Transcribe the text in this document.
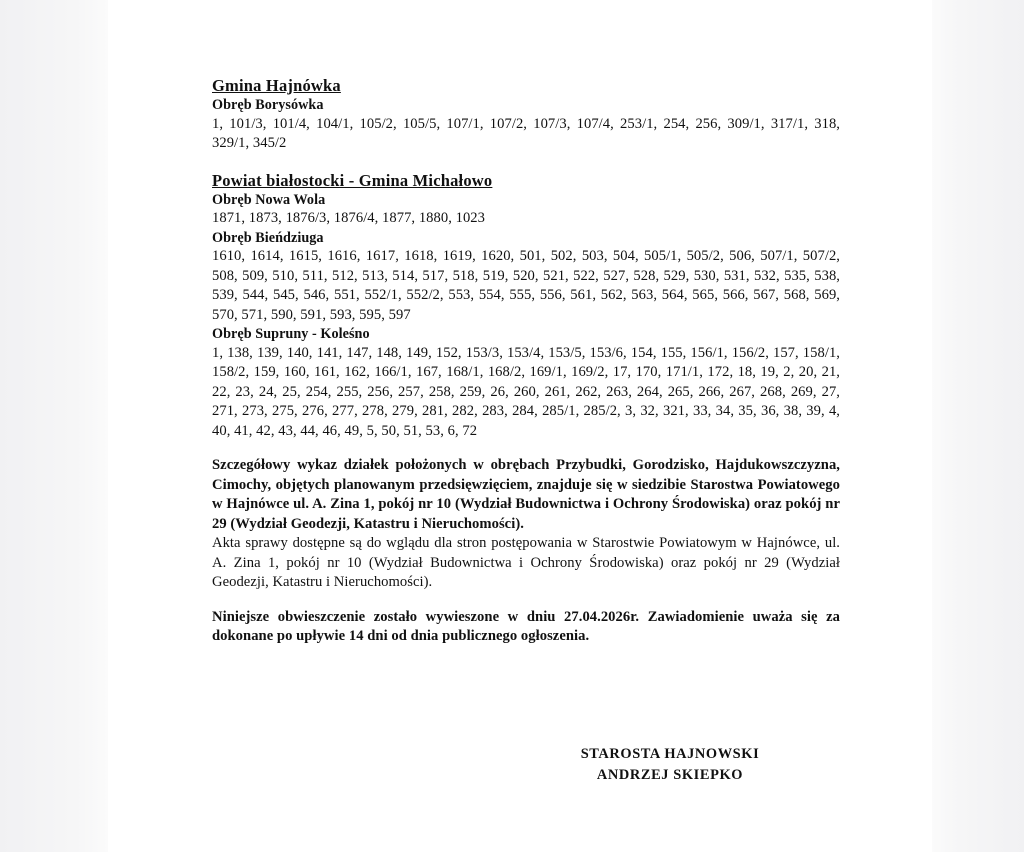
Gmina Hajnówka
Obręb Borysówka
1, 101/3, 101/4, 104/1, 105/2, 105/5, 107/1, 107/2, 107/3, 107/4, 253/1, 254, 256, 309/1, 317/1, 318, 329/1, 345/2
Powiat białostocki - Gmina Michałowo
Obręb Nowa Wola
1871, 1873, 1876/3, 1876/4, 1877, 1880, 1023
Obręb Bieńdziuga
1610, 1614, 1615, 1616, 1617, 1618, 1619, 1620, 501, 502, 503, 504, 505/1, 505/2, 506, 507/1, 507/2, 508, 509, 510, 511, 512, 513, 514, 517, 518, 519, 520, 521, 522, 527, 528, 529, 530, 531, 532, 535, 538, 539, 544, 545, 546, 551, 552/1, 552/2, 553, 554, 555, 556, 561, 562, 563, 564, 565, 566, 567, 568, 569, 570, 571, 590, 591, 593, 595, 597
Obręb Supruny - Koleśno
1, 138, 139, 140, 141, 147, 148, 149, 152, 153/3, 153/4, 153/5, 153/6, 154, 155, 156/1, 156/2, 157, 158/1, 158/2, 159, 160, 161, 162, 166/1, 167, 168/1, 168/2, 169/1, 169/2, 17, 170, 171/1, 172, 18, 19, 2, 20, 21, 22, 23, 24, 25, 254, 255, 256, 257, 258, 259, 26, 260, 261, 262, 263, 264, 265, 266, 267, 268, 269, 27, 271, 273, 275, 276, 277, 278, 279, 281, 282, 283, 284, 285/1, 285/2, 3, 32, 321, 33, 34, 35, 36, 38, 39, 4, 40, 41, 42, 43, 44, 46, 49, 5, 50, 51, 53, 6, 72
Szczegółowy wykaz działek położonych w obrębach Przybudki, Gorodzisko, Hajdukowszczyzna, Cimochy, objętych planowanym przedsięwzięciem, znajduje się w siedzibie Starostwa Powiatowego w Hajnówce ul. A. Zina 1, pokój nr 10 (Wydział Budownictwa i Ochrony Środowiska) oraz pokój nr 29 (Wydział Geodezji, Katastru i Nieruchomości).
Akta sprawy dostępne są do wglądu dla stron postępowania w Starostwie Powiatowym w Hajnówce, ul. A. Zina 1, pokój nr 10 (Wydział Budownictwa i Ochrony Środowiska) oraz pokój nr 29 (Wydział Geodezji, Katastru i Nieruchomości).
Niniejsze obwieszczenie zostało wywieszone w dniu 27.04.2026r. Zawiadomienie uważa się za dokonane po upływie 14 dni od dnia publicznego ogłoszenia.
STAROSTA HAJNOWSKI
ANDRZEJ SKIEPKO
